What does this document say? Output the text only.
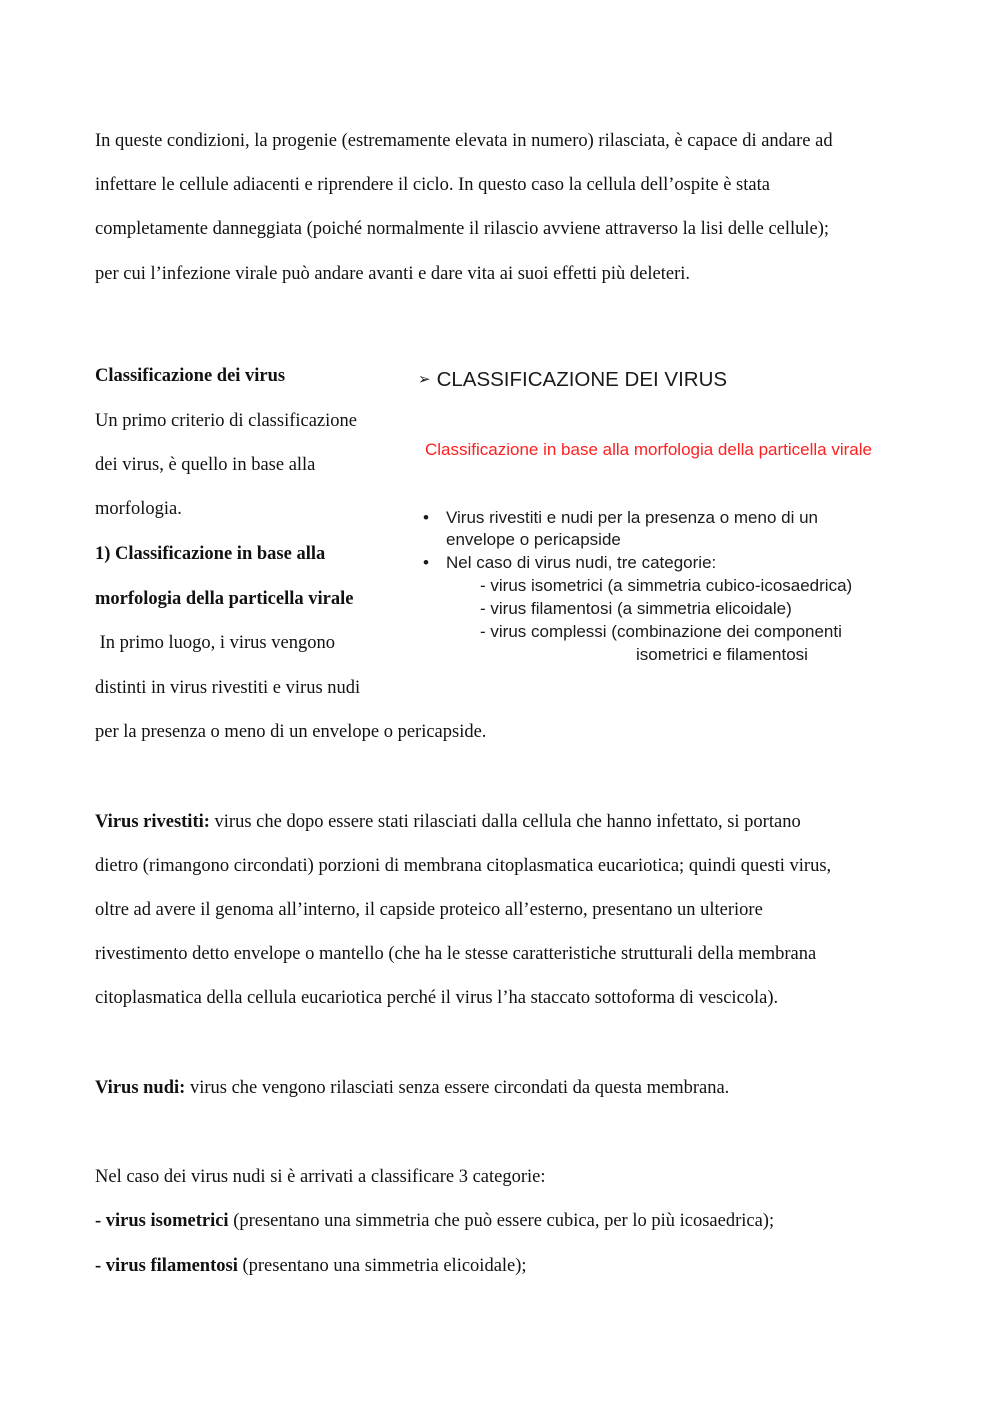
In queste condizioni, la progenie (estremamente elevata in numero) rilasciata, è capace di andare ad
infettare le cellule adiacenti e riprendere il ciclo. In questo caso la cellula dell’ospite è stata
completamente danneggiata (poiché normalmente il rilascio avviene attraverso la lisi delle cellule);
per cui l’infezione virale può andare avanti e dare vita ai suoi effetti più deleteri.
Classificazione dei virus
Un primo criterio di classificazione
dei virus, è quello in base alla
morfologia.
1) Classificazione in base alla
morfologia della particella virale
In primo luogo, i virus vengono
distinti in virus rivestiti e virus nudi
per la presenza o meno di un envelope o pericapside.
➢ CLASSIFICAZIONE DEI VIRUS
Classificazione in base alla morfologia della particella virale
• Virus rivestiti e nudi per la presenza o meno di un
envelope o pericapside
• Nel caso di virus nudi, tre categorie:
- virus isometrici (a simmetria cubico-icosaedrica)
- virus filamentosi (a simmetria elicoidale)
- virus complessi (combinazione dei componenti
isometrici e filamentosi
Virus rivestiti: virus che dopo essere stati rilasciati dalla cellula che hanno infettato, si portano
dietro (rimangono circondati) porzioni di membrana citoplasmatica eucariotica; quindi questi virus,
oltre ad avere il genoma all’interno, il capside proteico all’esterno, presentano un ulteriore
rivestimento detto envelope o mantello (che ha le stesse caratteristiche strutturali della membrana
citoplasmatica della cellula eucariotica perché il virus l’ha staccato sottoforma di vescicola).
Virus nudi: virus che vengono rilasciati senza essere circondati da questa membrana.
Nel caso dei virus nudi si è arrivati a classificare 3 categorie:
- virus isometrici (presentano una simmetria che può essere cubica, per lo più icosaedrica);
- virus filamentosi (presentano una simmetria elicoidale);
